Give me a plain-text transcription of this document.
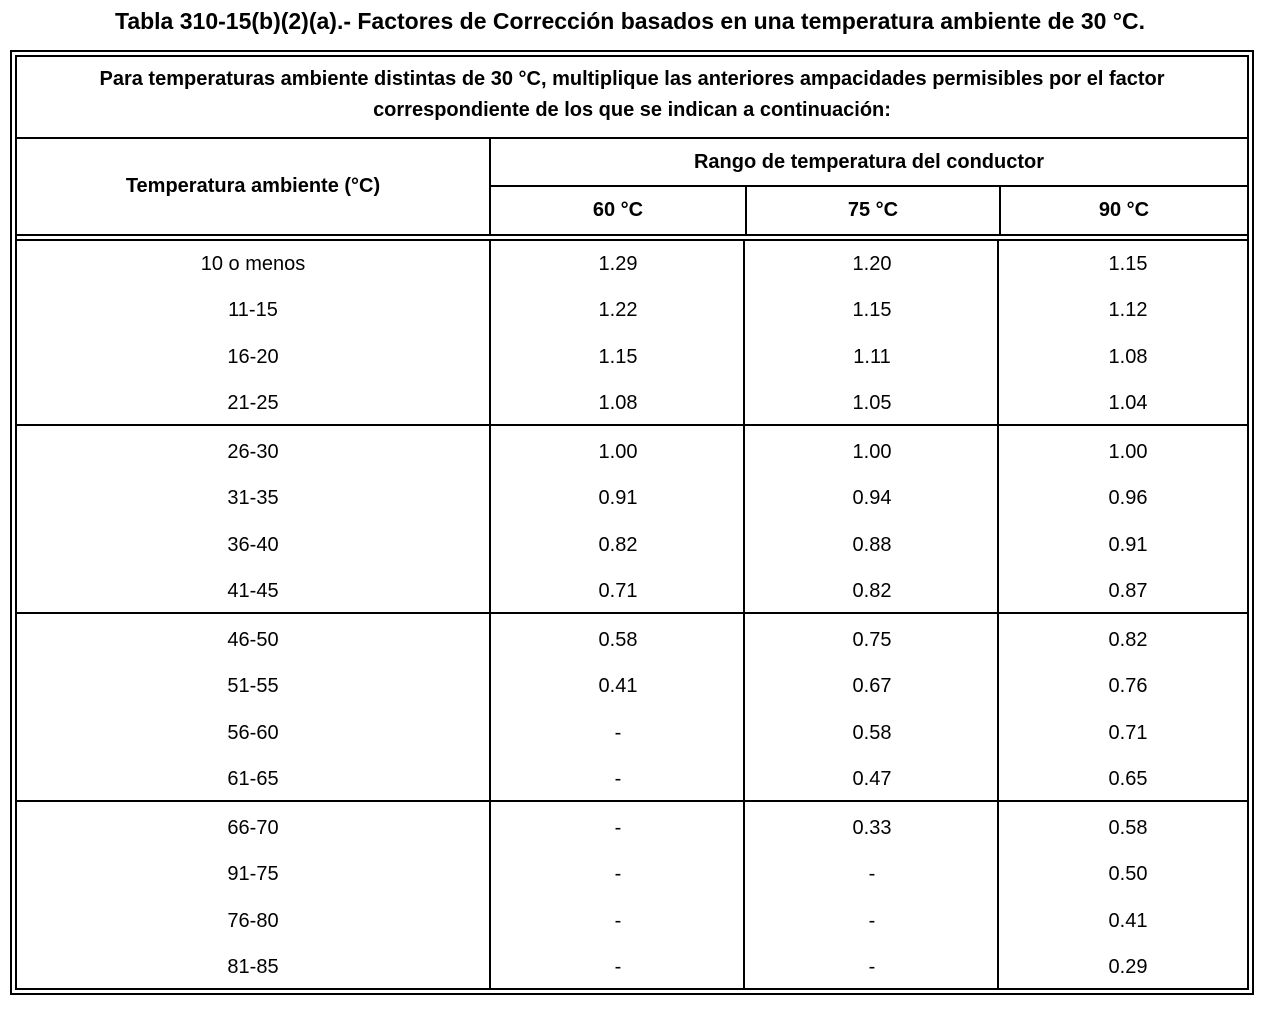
Tabla 310-15(b)(2)(a).- Factores de Corrección basados en una temperatura ambiente de 30 °C.
Para temperaturas ambiente distintas de 30 °C, multiplique las anteriores ampacidades permisibles por el factor
correspondiente de los que se indican a continuación:
Temperatura ambiente (°C)
Rango de temperatura del conductor
60 °C	75 °C	90 °C
10 o menos	1.29	1.20	1.15
11-15	1.22	1.15	1.12
16-20	1.15	1.11	1.08
21-25	1.08	1.05	1.04
26-30	1.00	1.00	1.00
31-35	0.91	0.94	0.96
36-40	0.82	0.88	0.91
41-45	0.71	0.82	0.87
46-50	0.58	0.75	0.82
51-55	0.41	0.67	0.76
56-60	-	0.58	0.71
61-65	-	0.47	0.65
66-70	-	0.33	0.58
91-75	-	-	0.50
76-80	-	-	0.41
81-85	-	-	0.29
